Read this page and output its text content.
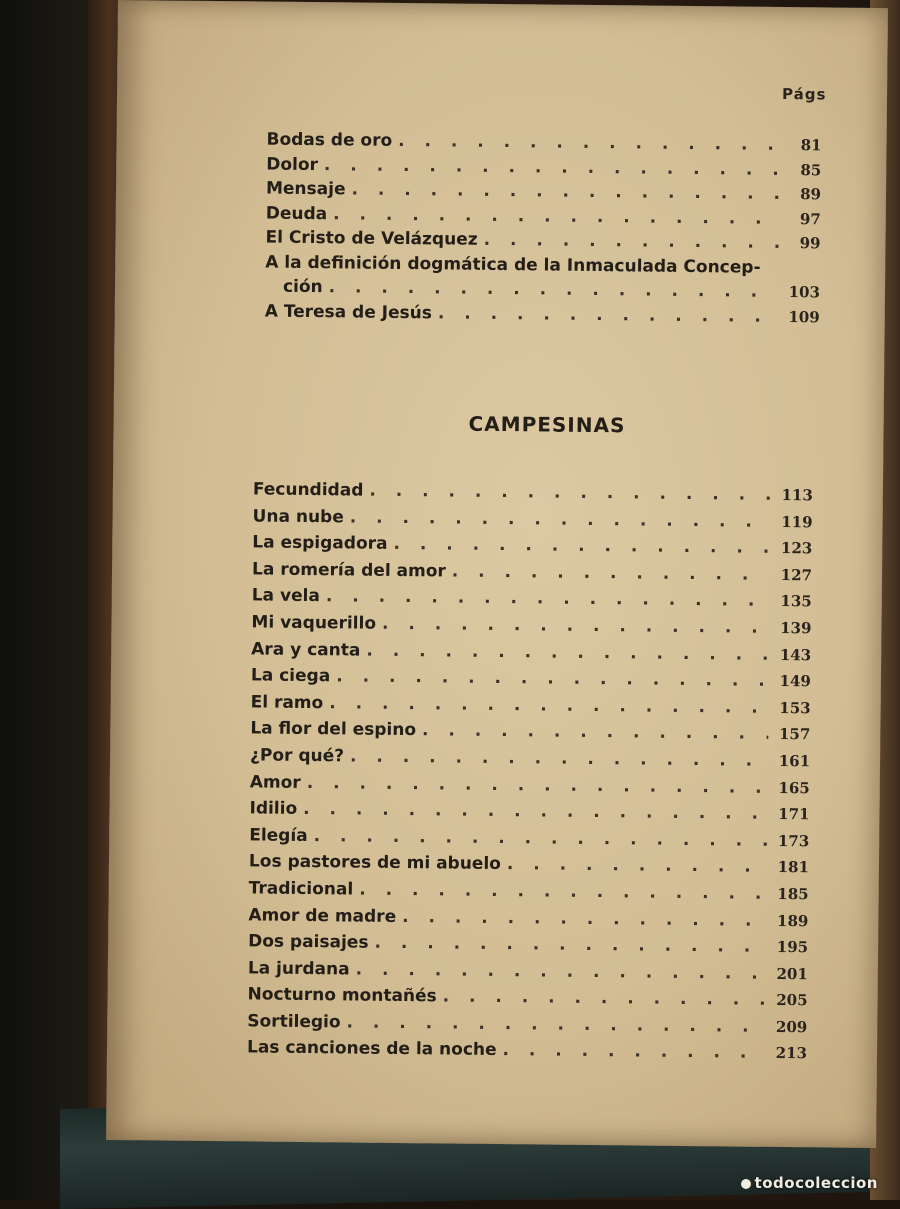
Págs
Bodas de oro . . .	81
Dolor . . .	85
Mensaje . . .	89
Deuda . . .	97
El Cristo de Velázquez . . .	99
A la definición dogmática de la Inmaculada Concep-
ción . . .	103
A Teresa de Jesús . . .	109
CAMPESINAS
Fecundidad . . .	113
Una nube . . .	119
La espigadora . . .	123
La romería del amor . . .	127
La vela . . .	135
Mi vaquerillo . . .	139
Ara y canta . . .	143
La ciega . . .	149
El ramo . . .	153
La flor del espino . . .	157
¿Por qué? . . .	161
Amor . . .	165
Idilio . . .	171
Elegía . . .	173
Los pastores de mi abuelo . . .	181
Tradicional . . .	185
Amor de madre . . .	189
Dos paisajes . . .	195
La jurdana . . .	201
Nocturno montañés . . .	205
Sortilegio . . .	209
Las canciones de la noche . . .	213
todocoleccion
